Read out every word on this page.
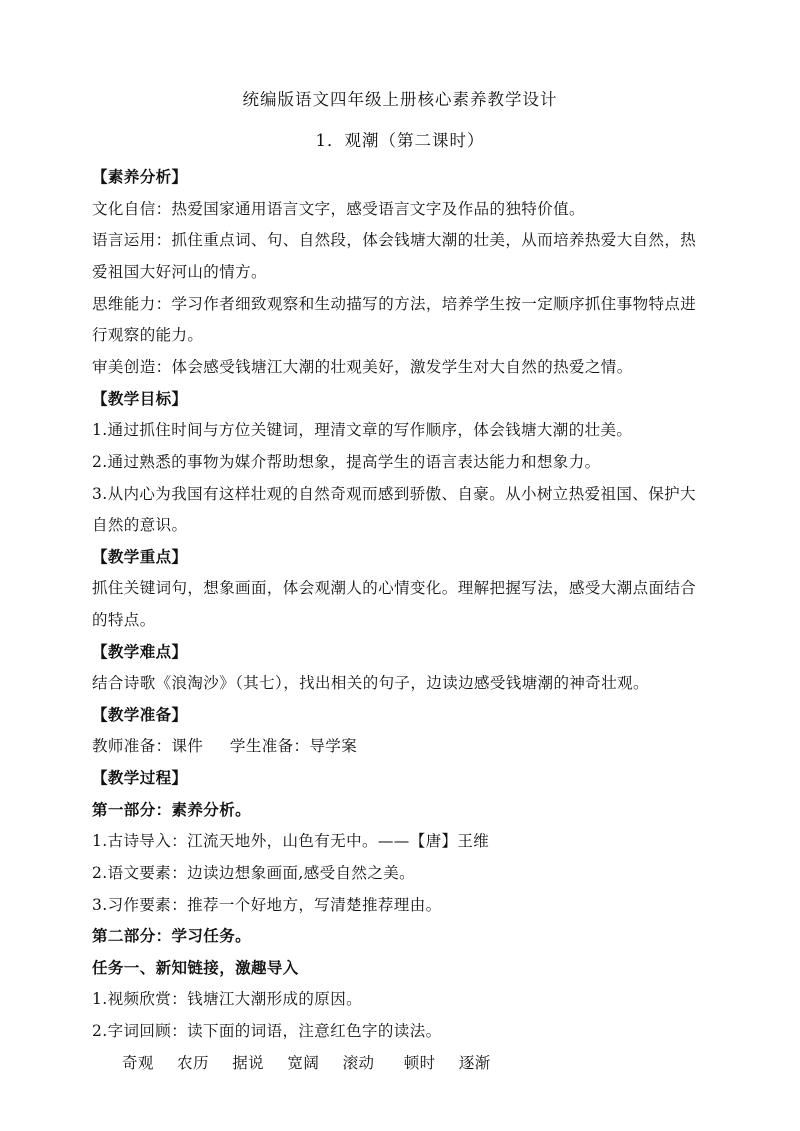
统编版语文四年级上册核心素养教学设计
1．观潮（第二课时）
【素养分析】
文化自信：热爱国家通用语言文字，感受语言文字及作品的独特价值。
语言运用：抓住重点词、句、自然段，体会钱塘大潮的壮美，从而培养热爱大自然，热
爱祖国大好河山的情方。
思维能力：学习作者细致观察和生动描写的方法，培养学生按一定顺序抓住事物特点进
行观察的能力。
审美创造：体会感受钱塘江大潮的壮观美好，激发学生对大自然的热爱之情。
【教学目标】
1.通过抓住时间与方位关键词，理清文章的写作顺序，体会钱塘大潮的壮美。
2.通过熟悉的事物为媒介帮助想象，提高学生的语言表达能力和想象力。
3.从内心为我国有这样壮观的自然奇观而感到骄傲、自豪。从小树立热爱祖国、保护大
自然的意识。
【教学重点】
抓住关键词句，想象画面，体会观潮人的心情变化。理解把握写法，感受大潮点面结合
的特点。
【教学难点】
结合诗歌《浪淘沙》（其七），找出相关的句子，边读边感受钱塘潮的神奇壮观。
【教学准备】
教师准备：课件     学生准备：导学案
【教学过程】
第一部分：素养分析。
1.古诗导入：江流天地外，山色有无中。——【唐】王维
2.语文要素：边读边想象画面,感受自然之美。
3.习作要素：推荐一个好地方，写清楚推荐理由。
第二部分：学习任务。
任务一、新知链接，激趣导入
1.视频欣赏：钱塘江大潮形成的原因。
2.字词回顾：读下面的词语，注意红色字的读法。
奇观 农历 据说 宽阔 滚动 顿时 逐渐
